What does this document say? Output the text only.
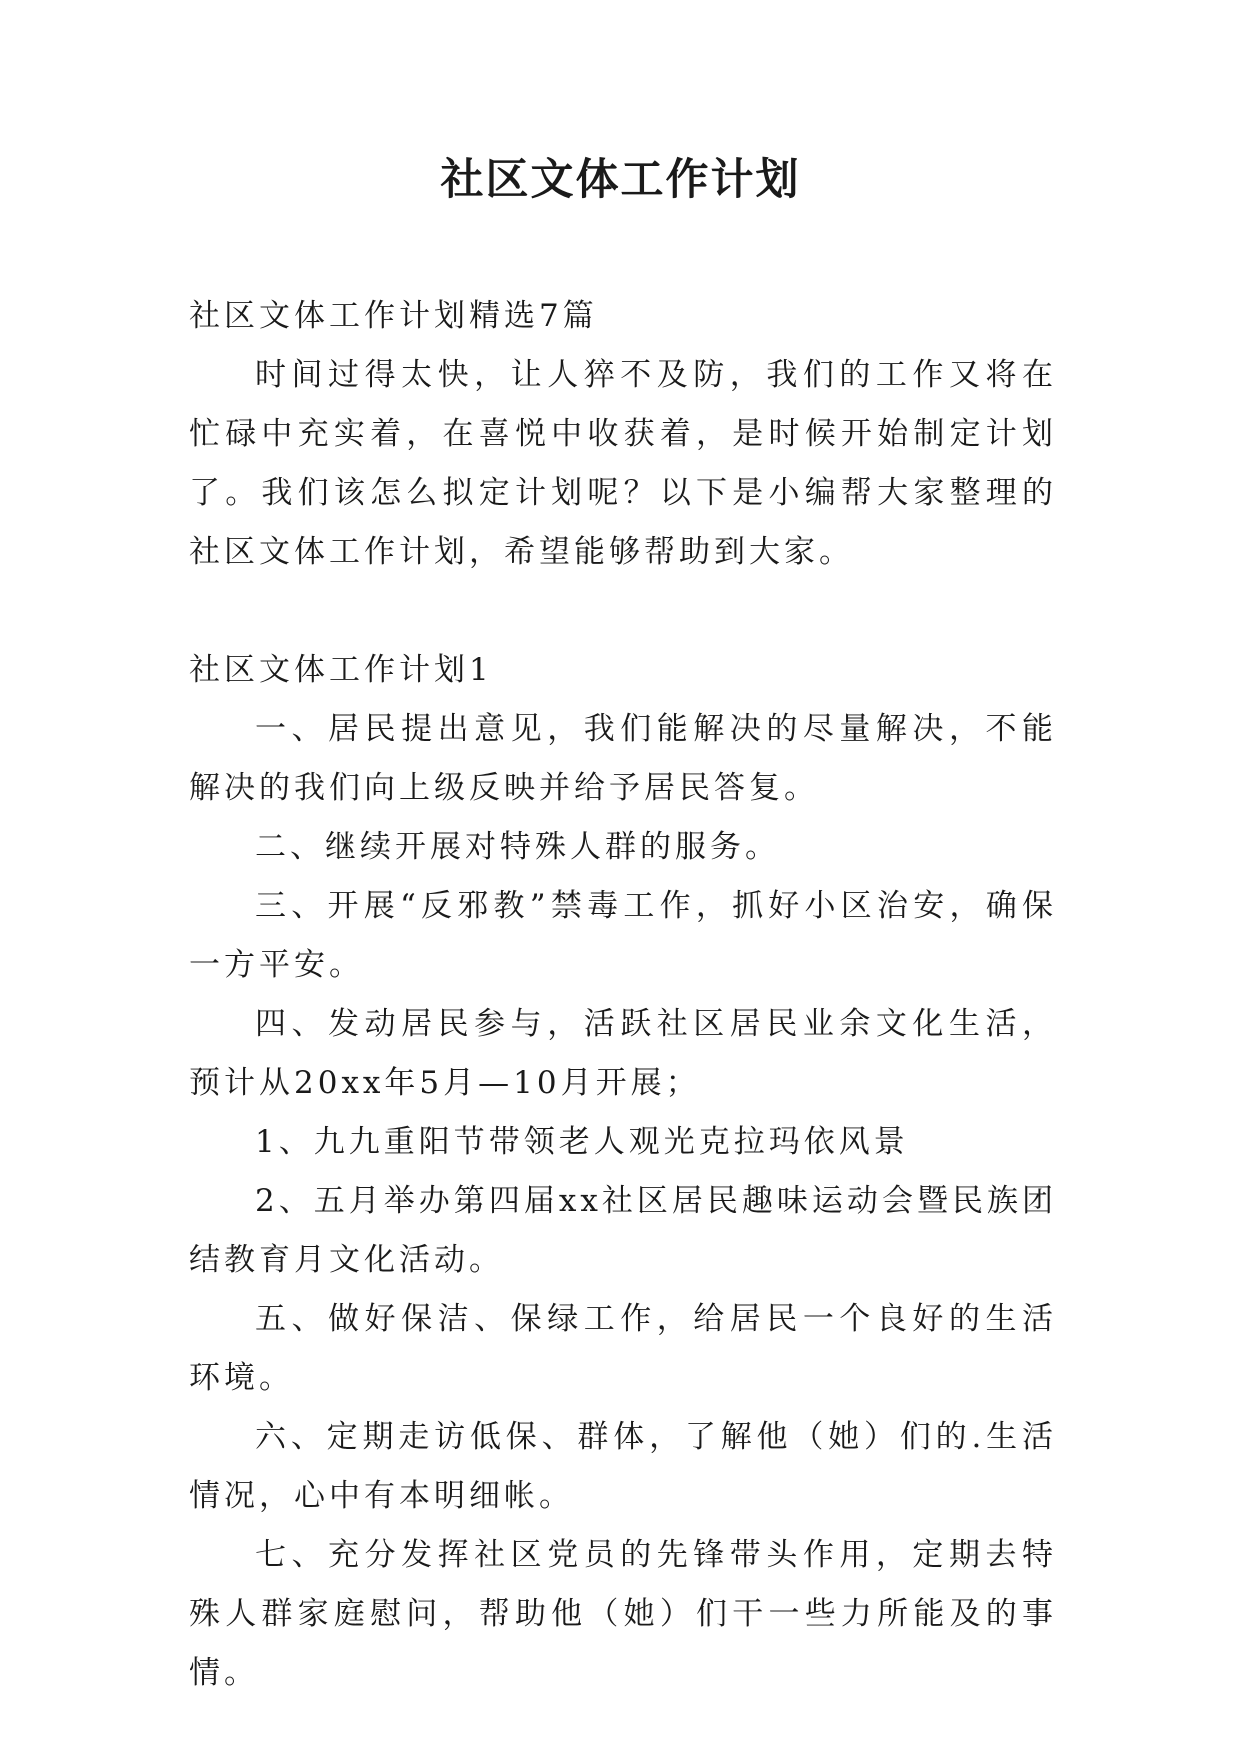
社区文体工作计划

社区文体工作计划精选7篇

时间过得太快，让人猝不及防，我们的工作又将在忙碌中充实着，在喜悦中收获着，是时候开始制定计划了。我们该怎么拟定计划呢？以下是小编帮大家整理的社区文体工作计划，希望能够帮助到大家。

社区文体工作计划1

一、居民提出意见，我们能解决的尽量解决，不能解决的我们向上级反映并给予居民答复。

二、继续开展对特殊人群的服务。

三、开展“反邪教”禁毒工作，抓好小区治安，确保一方平安。

四、发动居民参与，活跃社区居民业余文化生活，预计从20xx年5月—10月开展；

1、九九重阳节带领老人观光克拉玛依风景

2、五月举办第四届xx社区居民趣味运动会暨民族团结教育月文化活动。

五、做好保洁、保绿工作，给居民一个良好的生活环境。

六、定期走访低保、群体，了解他（她）们的.生活情况，心中有本明细帐。

七、充分发挥社区党员的先锋带头作用，定期去特殊人群家庭慰问，帮助他（她）们干一些力所能及的事情。
